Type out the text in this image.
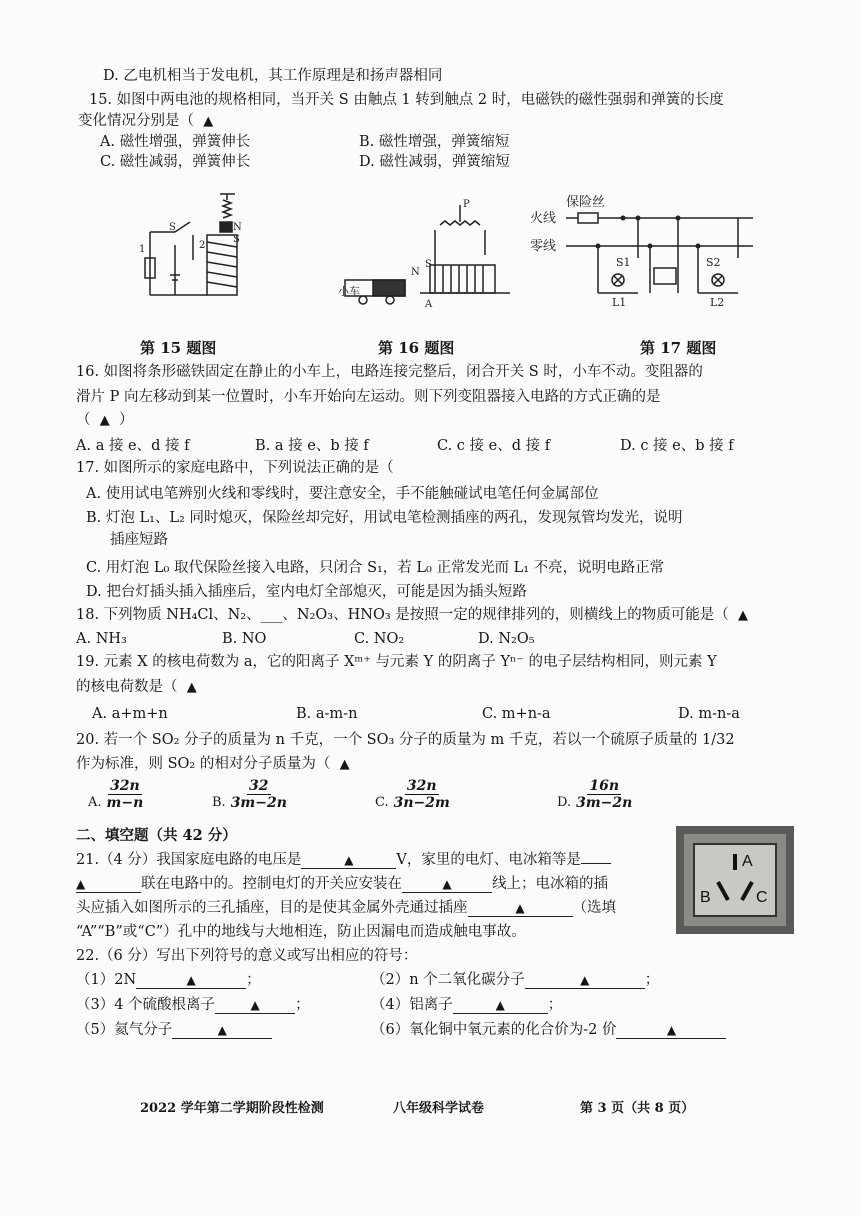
D. 乙电机相当于发电机，其工作原理是和扬声器相同
15. 如图中两电池的规格相同，当开关 S 由触点 1 转到触点 2 时，电磁铁的磁性强弱和弹簧的长度
变化情况分别是（ ▲
A. 磁性增强，弹簧伸长	B. 磁性增强，弹簧缩短
C. 磁性减弱，弹簧伸长	D. 磁性减弱，弹簧缩短
1
S
2
N
S
N
P
S
小车
A
保险丝
火线
零线
S1
L1
S2
L2
第 15 题图	第 16 题图	第 17 题图
16. 如图将条形磁铁固定在静止的小车上，电路连接完整后，闭合开关 S 时，小车不动。变阻器的
滑片 P 向左移动到某一位置时，小车开始向左运动。则下列变阻器接入电路的方式正确的是
（ ▲ ）
A. a 接 e、d 接 f	B. a 接 e、b 接 f	C. c 接 e、d 接 f	D. c 接 e、b 接 f
17. 如图所示的家庭电路中，下列说法正确的是（
A. 使用试电笔辨别火线和零线时，要注意安全，手不能触碰试电笔任何金属部位
B. 灯泡 L₁、L₂ 同时熄灭，保险丝却完好，用试电笔检测插座的两孔，发现氖管均发光，说明
插座短路
C. 用灯泡 L₀ 取代保险丝接入电路，只闭合 S₁，若 L₀ 正常发光而 L₁ 不亮，说明电路正常
D. 把台灯插头插入插座后，室内电灯全部熄灭，可能是因为插头短路
18. 下列物质 NH₄Cl、N₂、___、N₂O₃、HNO₃ 是按照一定的规律排列的，则横线上的物质可能是（ ▲
A. NH₃	B. NO	C. NO₂	D. N₂O₅
19. 元素 X 的核电荷数为 a，它的阳离子 Xᵐ⁺ 与元素 Y 的阴离子 Yⁿ⁻ 的电子层结构相同，则元素 Y
的核电荷数是（ ▲
A. a+m+n	B. a-m-n	C. m+n-a	D. m-n-a
20. 若一个 SO₂ 分子的质量为 n 千克，一个 SO₃ 分子的质量为 m 千克，若以一个硫原子质量的 1/32
作为标准，则 SO₂ 的相对分子质量为（ ▲
A.
32n
m−n	B.
32
3m−2n	C.
32n
3n−2m	D.
16n
3m−2n
二、填空题（共 42 分）
21.（4 分）我国家庭电路的电压是	▲	V，家里的电灯、电冰箱等是
▲	联在电路中的。控制电灯的开关应安装在	▲	线上；电冰箱的插
头应插入如图所示的三孔插座，目的是使其金属外壳通过插座	▲	（选填
“A”“B”或“C”）孔中的地线与大地相连，防止因漏电而造成触电事故。
A
B	C
22.（6 分）写出下列符号的意义或写出相应的符号：
（1）2N	▲	；	（2）n 个二氧化碳分子	▲	；
（3）4 个硫酸根离子	▲ ；	（4）铝离子	▲	；
（5）氦气分子	▲	（6）氧化铜中氧元素的化合价为-2 价	▲
2022 学年第二学期阶段性检测	八年级科学试卷	第 3 页（共 8 页）
